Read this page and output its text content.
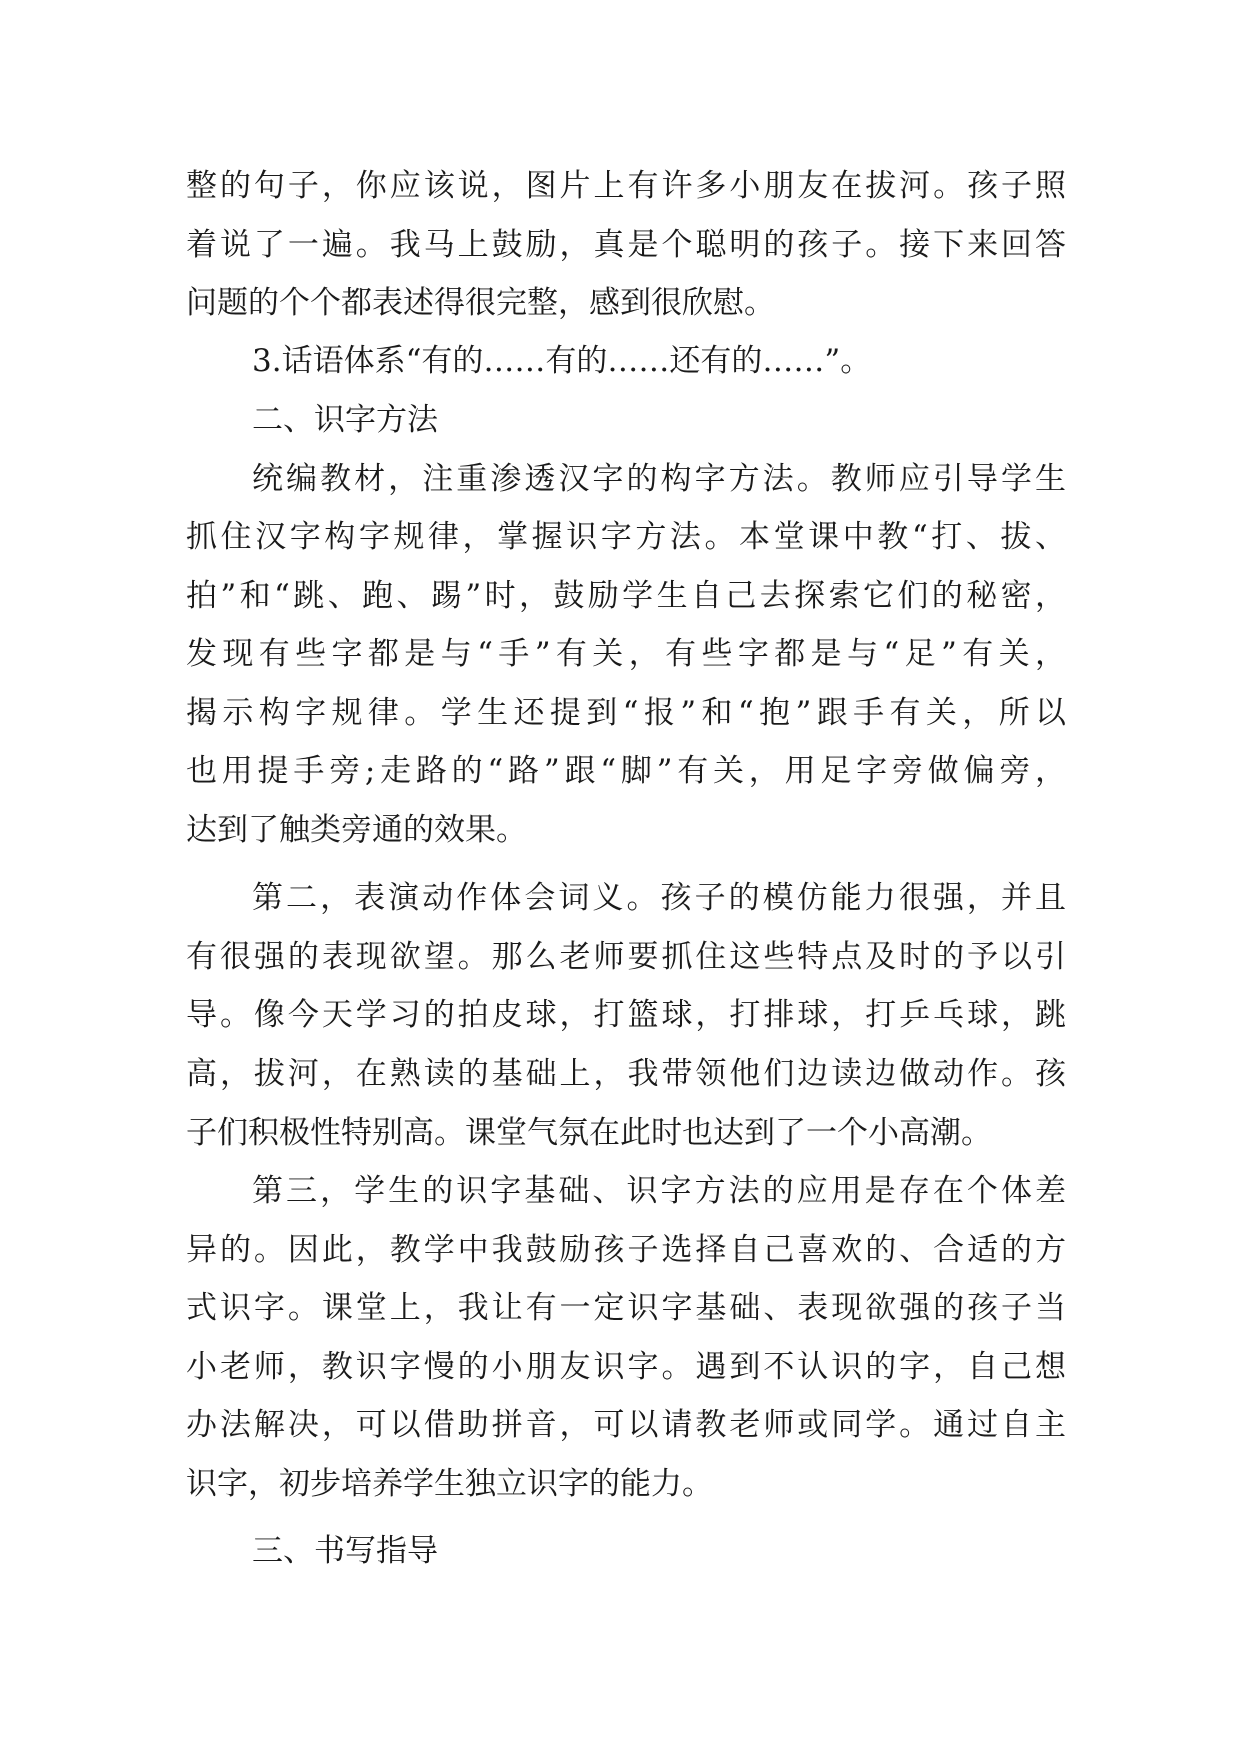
整的句子，你应该说，图片上有许多小朋友在拔河。孩子照
着说了一遍。我马上鼓励，真是个聪明的孩子。接下来回答
问题的个个都表述得很完整，感到很欣慰。
3.话语体系“有的……有的……还有的……”。
二、识字方法
统编教材，注重渗透汉字的构字方法。教师应引导学生
抓住汉字构字规律，掌握识字方法。本堂课中教“打、拔、
拍”和“跳、跑、踢”时，鼓励学生自己去探索它们的秘密，
发现有些字都是与“手”有关，有些字都是与“足”有关，
揭示构字规律。学生还提到“报”和“抱”跟手有关，所以
也用提手旁;走路的“路”跟“脚”有关，用足字旁做偏旁，
达到了触类旁通的效果。
第二，表演动作体会词义。孩子的模仿能力很强，并且
有很强的表现欲望。那么老师要抓住这些特点及时的予以引
导。像今天学习的拍皮球，打篮球，打排球，打乒乓球，跳
高，拔河，在熟读的基础上，我带领他们边读边做动作。孩
子们积极性特别高。课堂气氛在此时也达到了一个小高潮。
第三，学生的识字基础、识字方法的应用是存在个体差
异的。因此，教学中我鼓励孩子选择自己喜欢的、合适的方
式识字。课堂上，我让有一定识字基础、表现欲强的孩子当
小老师，教识字慢的小朋友识字。遇到不认识的字，自己想
办法解决，可以借助拼音，可以请教老师或同学。通过自主
识字，初步培养学生独立识字的能力。
三、书写指导
